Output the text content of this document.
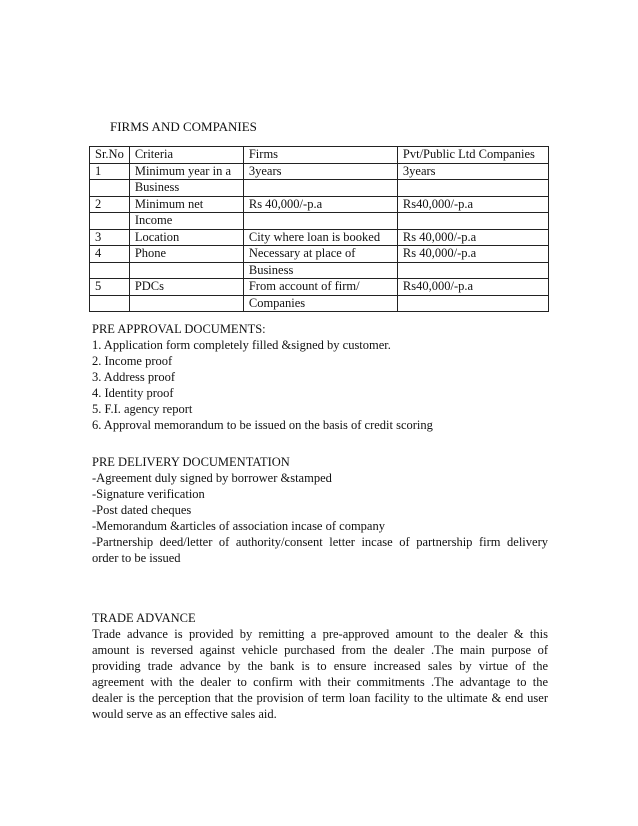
FIRMS AND COMPANIES
Sr.No	Criteria	Firms	Pvt/Public Ltd Companies
1	Minimum year in a	3years	3years
	Business		
2	Minimum net	Rs 40,000/-p.a	Rs40,000/-p.a
	Income		
3	Location	City where loan is booked	Rs 40,000/-p.a
4	Phone	Necessary at place of	Rs 40,000/-p.a
		Business	
5	PDCs	From account of firm/	Rs40,000/-p.a
		Companies	

PRE APPROVAL DOCUMENTS:

1. Application form completely filled &signed by customer.

2. Income proof

3. Address proof

4. Identity proof

5. F.I. agency report

6. Approval memorandum to be issued on the basis of credit scoring

PRE DELIVERY DOCUMENTATION

-Agreement duly signed by borrower &stamped

-Signature verification

-Post dated cheques

-Memorandum &articles of association incase of company

-Partnership deed/letter of authority/consent letter incase of partnership firm delivery

order to be issued

TRADE ADVANCE

Trade advance is provided by remitting a pre-approved amount to the dealer & this

amount is reversed against vehicle purchased from the dealer .The main purpose of

providing trade advance by the bank is to ensure increased sales by virtue of the

agreement with the dealer to confirm with their commitments .The advantage to the

dealer is the perception that the provision of term loan facility to the ultimate & end user

would serve as an effective sales aid.
